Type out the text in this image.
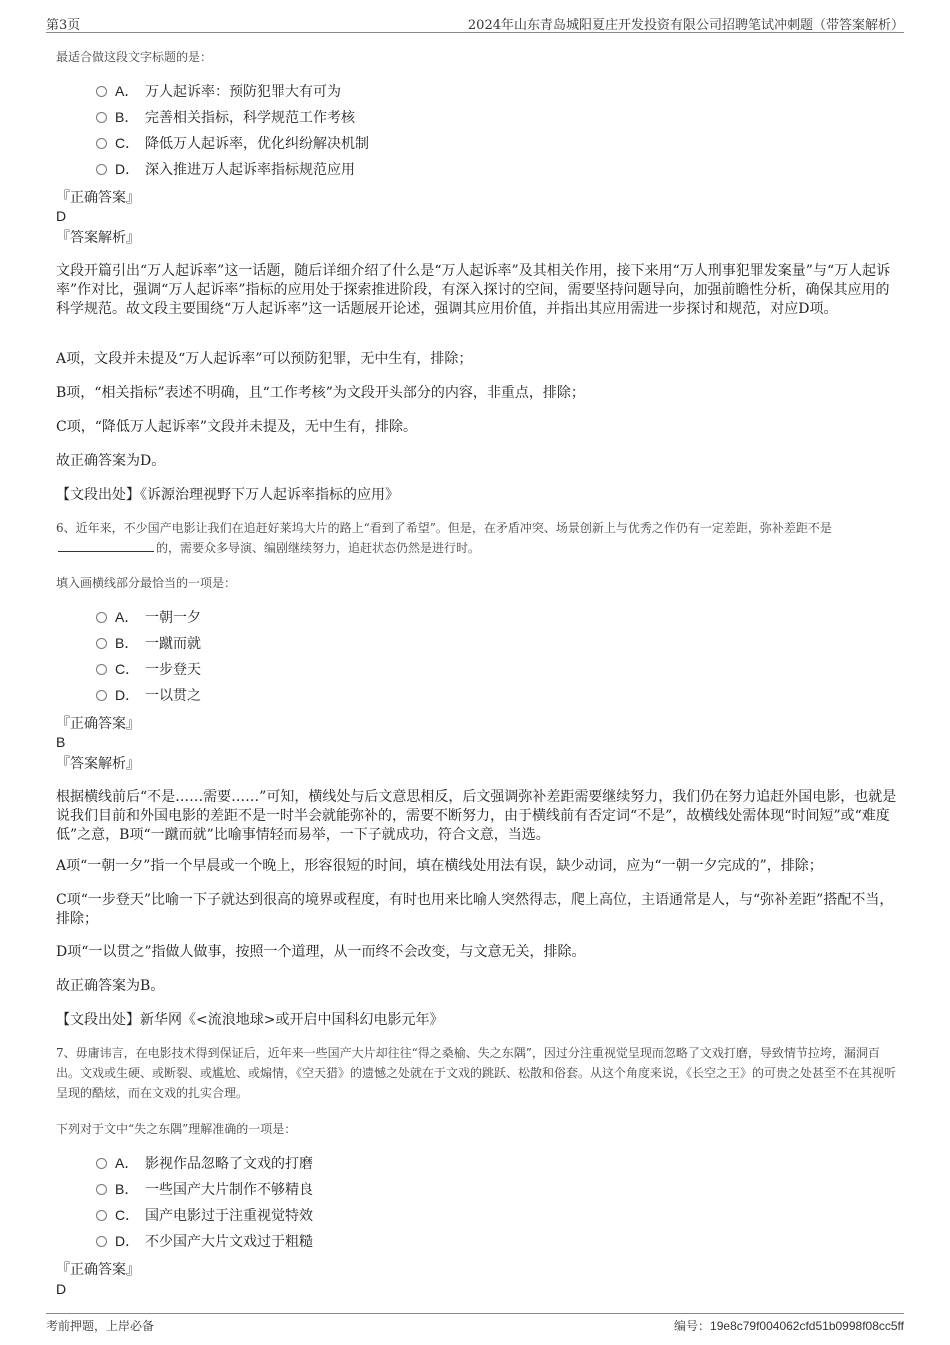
第3页	2024年山东青岛城阳夏庄开发投资有限公司招聘笔试冲刺题（带答案解析）
最适合做这段文字标题的是：
A． 万人起诉率：预防犯罪大有可为
B． 完善相关指标，科学规范工作考核
C． 降低万人起诉率，优化纠纷解决机制
D． 深入推进万人起诉率指标规范应用
『正确答案』
D
『答案解析』
文段开篇引出“万人起诉率”这一话题，随后详细介绍了什么是“万人起诉率”及其相关作用，接下来用“万人刑事犯罪发案量”与“万人起诉率”作对比，强调“万人起诉率”指标的应用处于探索推进阶段，有深入探讨的空间，需要坚持问题导向，加强前瞻性分析，确保其应用的科学规范。故文段主要围绕“万人起诉率”这一话题展开论述，强调其应用价值，并指出其应用需进一步探讨和规范，对应D项。
A项，文段并未提及“万人起诉率”可以预防犯罪，无中生有，排除；
B项，“相关指标”表述不明确，且“工作考核”为文段开头部分的内容，非重点，排除；
C项，“降低万人起诉率”文段并未提及，无中生有，排除。
故正确答案为D。
【文段出处】《诉源治理视野下万人起诉率指标的应用》
6、近年来，不少国产电影让我们在追赶好莱坞大片的路上“看到了希望”。但是，在矛盾冲突、场景创新上与优秀之作仍有一定差距，弥补差距不是的，需要众多导演、编剧继续努力，追赶状态仍然是进行时。
填入画横线部分最恰当的一项是：
A． 一朝一夕
B． 一蹴而就
C． 一步登天
D． 一以贯之
『正确答案』
B
『答案解析』
根据横线前后“不是……需要……”可知，横线处与后文意思相反，后文强调弥补差距需要继续努力，我们仍在努力追赶外国电影，也就是说我们目前和外国电影的差距不是一时半会就能弥补的，需要不断努力，由于横线前有否定词“不是”，故横线处需体现“时间短”或“难度低”之意，B项“一蹴而就”比喻事情轻而易举，一下子就成功，符合文意，当选。
A项“一朝一夕”指一个早晨或一个晚上，形容很短的时间，填在横线处用法有误，缺少动词，应为“一朝一夕完成的”，排除；
C项“一步登天”比喻一下子就达到很高的境界或程度，有时也用来比喻人突然得志，爬上高位，主语通常是人，与“弥补差距”搭配不当，排除；
D项“一以贯之”指做人做事，按照一个道理，从一而终不会改变，与文意无关，排除。
故正确答案为B。
【文段出处】新华网《<流浪地球>或开启中国科幻电影元年》
7、毋庸讳言，在电影技术得到保证后，近年来一些国产大片却往往“得之桑榆、失之东隅”，因过分注重视觉呈现而忽略了文戏打磨，导致情节拉垮，漏洞百出。文戏或生硬、或断裂、或尴尬、或煽情，《空天猎》的遗憾之处就在于文戏的跳跃、松散和俗套。从这个角度来说，《长空之王》的可贵之处甚至不在其视听呈现的酷炫，而在文戏的扎实合理。
下列对于文中“失之东隅”理解准确的一项是：
A． 影视作品忽略了文戏的打磨
B． 一些国产大片制作不够精良
C． 国产电影过于注重视觉特效
D． 不少国产大片文戏过于粗糙
『正确答案』
D
考前押题，上岸必备	编号：19e8c79f004062cfd51b0998f08cc5ff
